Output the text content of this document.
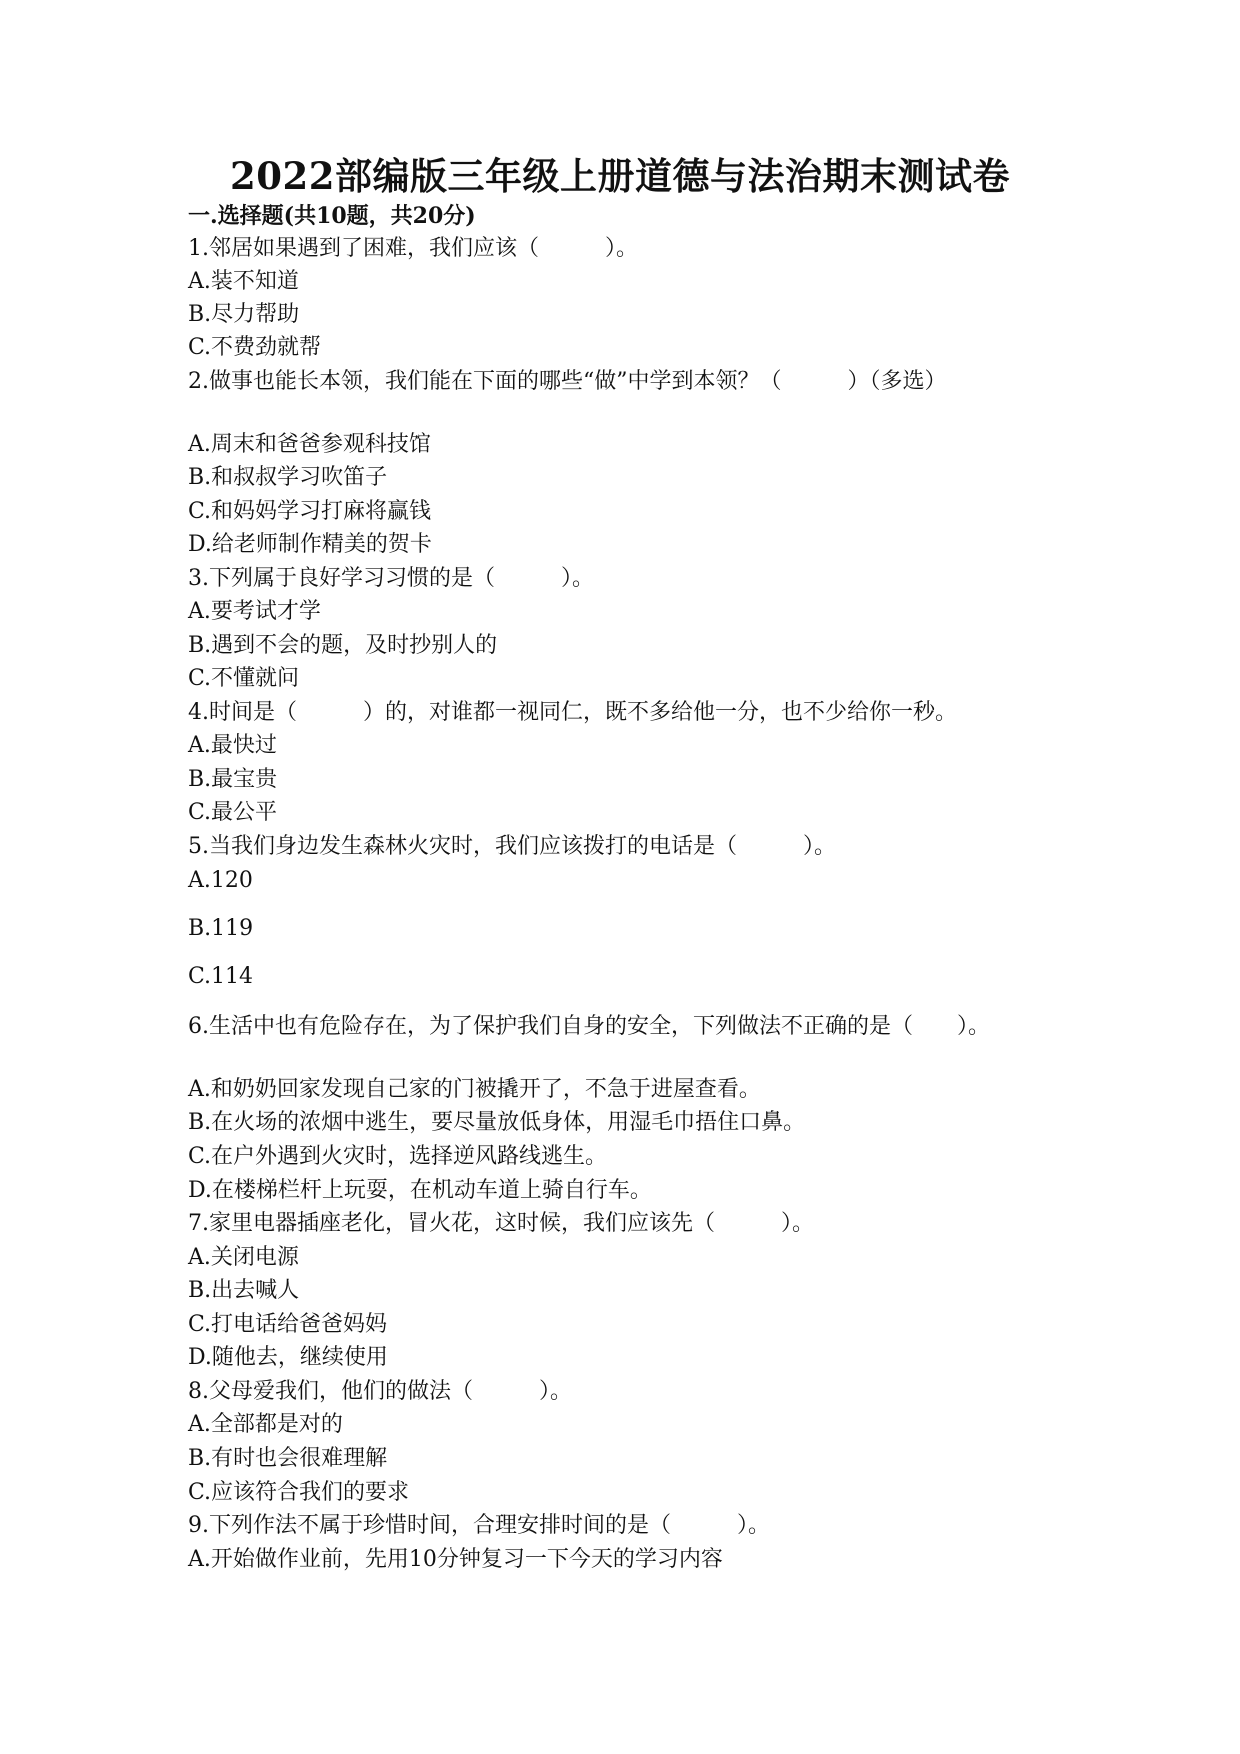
2022部编版三年级上册道德与法治期末测试卷
一.选择题(共10题，共20分)
1.邻居如果遇到了困难，我们应该（　　　）。
A.装不知道
B.尽力帮助
C.不费劲就帮
2.做事也能长本领，我们能在下面的哪些“做”中学到本领？（　　　）（多选）
A.周末和爸爸参观科技馆
B.和叔叔学习吹笛子
C.和妈妈学习打麻将赢钱
D.给老师制作精美的贺卡
3.下列属于良好学习习惯的是（　　　）。
A.要考试才学
B.遇到不会的题，及时抄别人的
C.不懂就问
4.时间是（　　　）的，对谁都一视同仁，既不多给他一分，也不少给你一秒。
A.最快过
B.最宝贵
C.最公平
5.当我们身边发生森林火灾时，我们应该拨打的电话是（　　　）。
A.120
B.119
C.114
6.生活中也有危险存在，为了保护我们自身的安全，下列做法不正确的是（　　）。
A.和奶奶回家发现自己家的门被撬开了，不急于进屋查看。
B.在火场的浓烟中逃生，要尽量放低身体，用湿毛巾捂住口鼻。
C.在户外遇到火灾时，选择逆风路线逃生。
D.在楼梯栏杆上玩耍，在机动车道上骑自行车。
7.家里电器插座老化，冒火花，这时候，我们应该先（　　　）。
A.关闭电源
B.出去喊人
C.打电话给爸爸妈妈
D.随他去，继续使用
8.父母爱我们，他们的做法（　　　）。
A.全部都是对的
B.有时也会很难理解
C.应该符合我们的要求
9.下列作法不属于珍惜时间，合理安排时间的是（　　　）。
A.开始做作业前，先用10分钟复习一下今天的学习内容
